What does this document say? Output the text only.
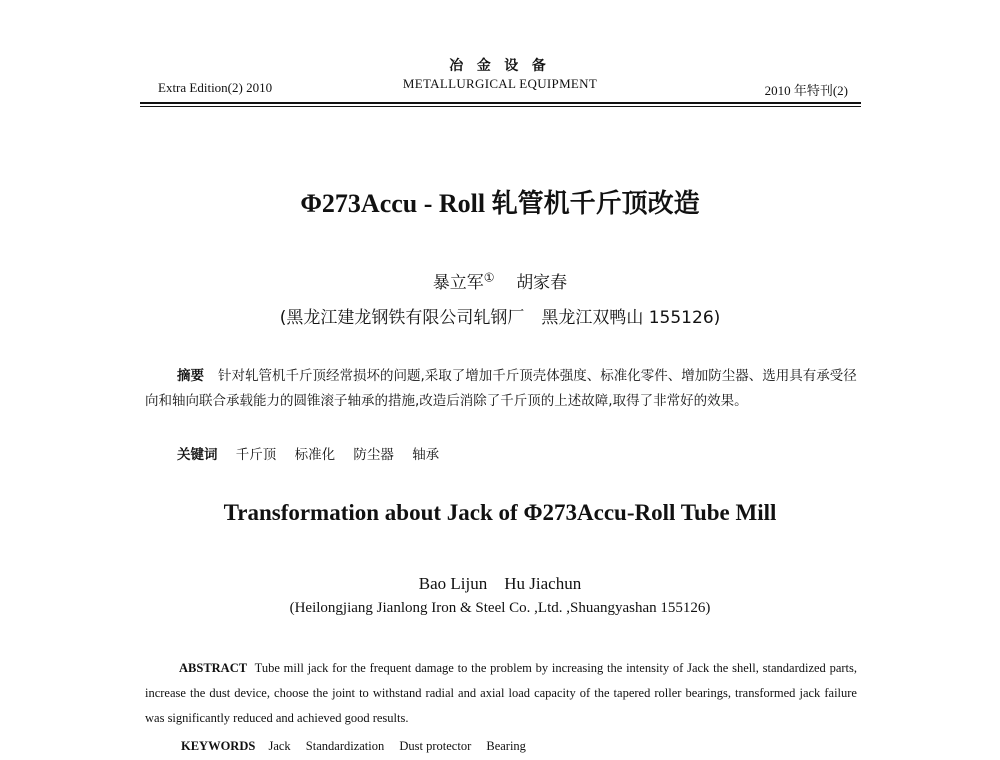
Extra Edition(2) 2010
冶 金 设 备
METALLURGICAL EQUIPMENT	2010 年特刊(2)
Φ273Accu - Roll 轧管机千斤顶改造
暴立军① 胡家春
(黑龙江建龙钢铁有限公司轧钢厂　黑龙江双鸭山 155126)
摘要 针对轧管机千斤顶经常损坏的问题,采取了增加千斤顶壳体强度、标准化零件、增加防尘器、选用具有承受径向和轴向联合承载能力的圆锥滚子轴承的措施,改造后消除了千斤顶的上述故障,取得了非常好的效果。
关键词 千斤顶 标准化 防尘器 轴承
Transformation about Jack of Φ273Accu-Roll Tube Mill
Bao Lijun　Hu Jiachun
(Heilongjiang Jianlong Iron & Steel Co. ,Ltd. ,Shuangyashan 155126)
ABSTRACT Tube mill jack for the frequent damage to the problem by increasing the intensity of Jack the shell, standardized parts, increase the dust device, choose the joint to withstand radial and axial load capacity of the tapered roller bearings, transformed jack failure was significantly reduced and achieved good results.
KEYWORDS Jack Standardization Dust protector Bearing
